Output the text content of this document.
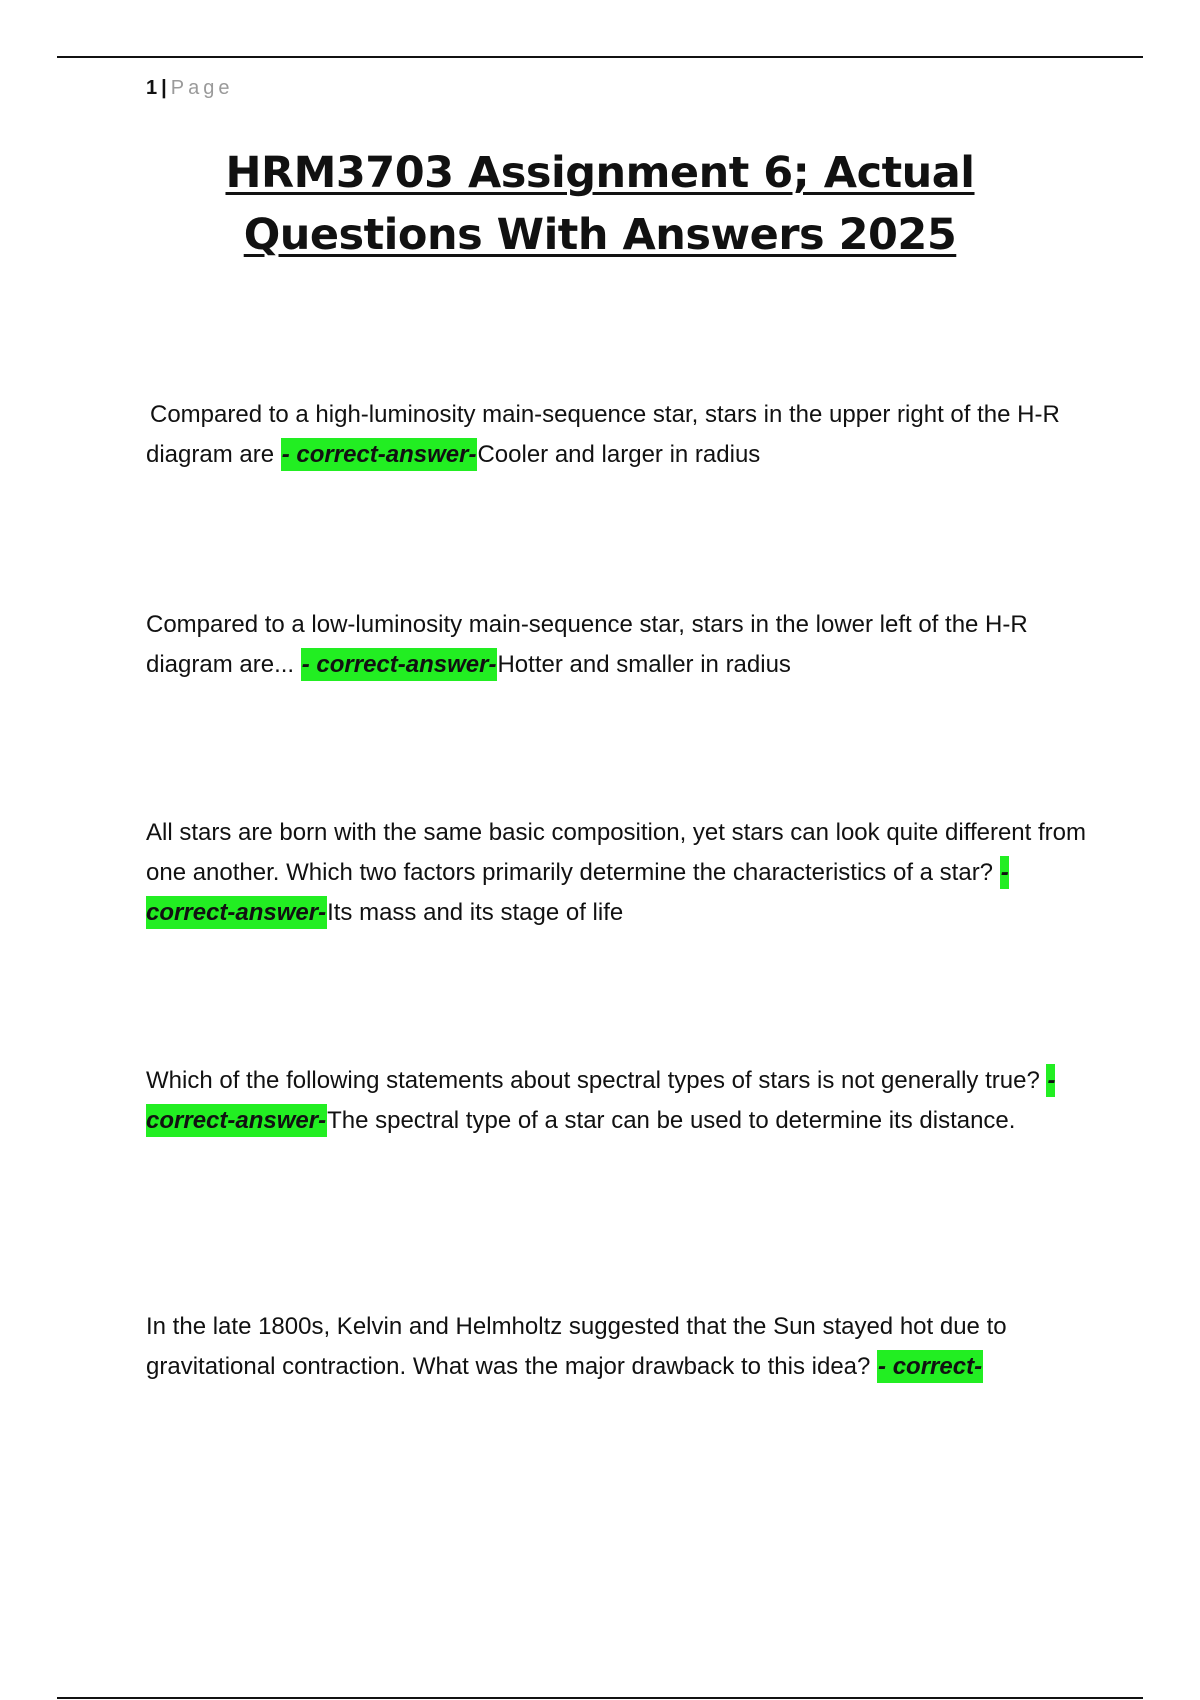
1 | Page
HRM3703 Assignment 6; Actual Questions With Answers 2025

Compared to a high-luminosity main-sequence star, stars in the upper right of the H-R diagram are - correct-answer-Cooler and larger in radius

Compared to a low-luminosity main-sequence star, stars in the lower left of the H-R diagram are... - correct-answer-Hotter and smaller in radius

All stars are born with the same basic composition, yet stars can look quite different from one another. Which two factors primarily determine the characteristics of a star? - correct-answer-Its mass and its stage of life

Which of the following statements about spectral types of stars is not generally true? - correct-answer-The spectral type of a star can be used to determine its distance.

In the late 1800s, Kelvin and Helmholtz suggested that the Sun stayed hot due to gravitational contraction. What was the major drawback to this idea? - correct-
